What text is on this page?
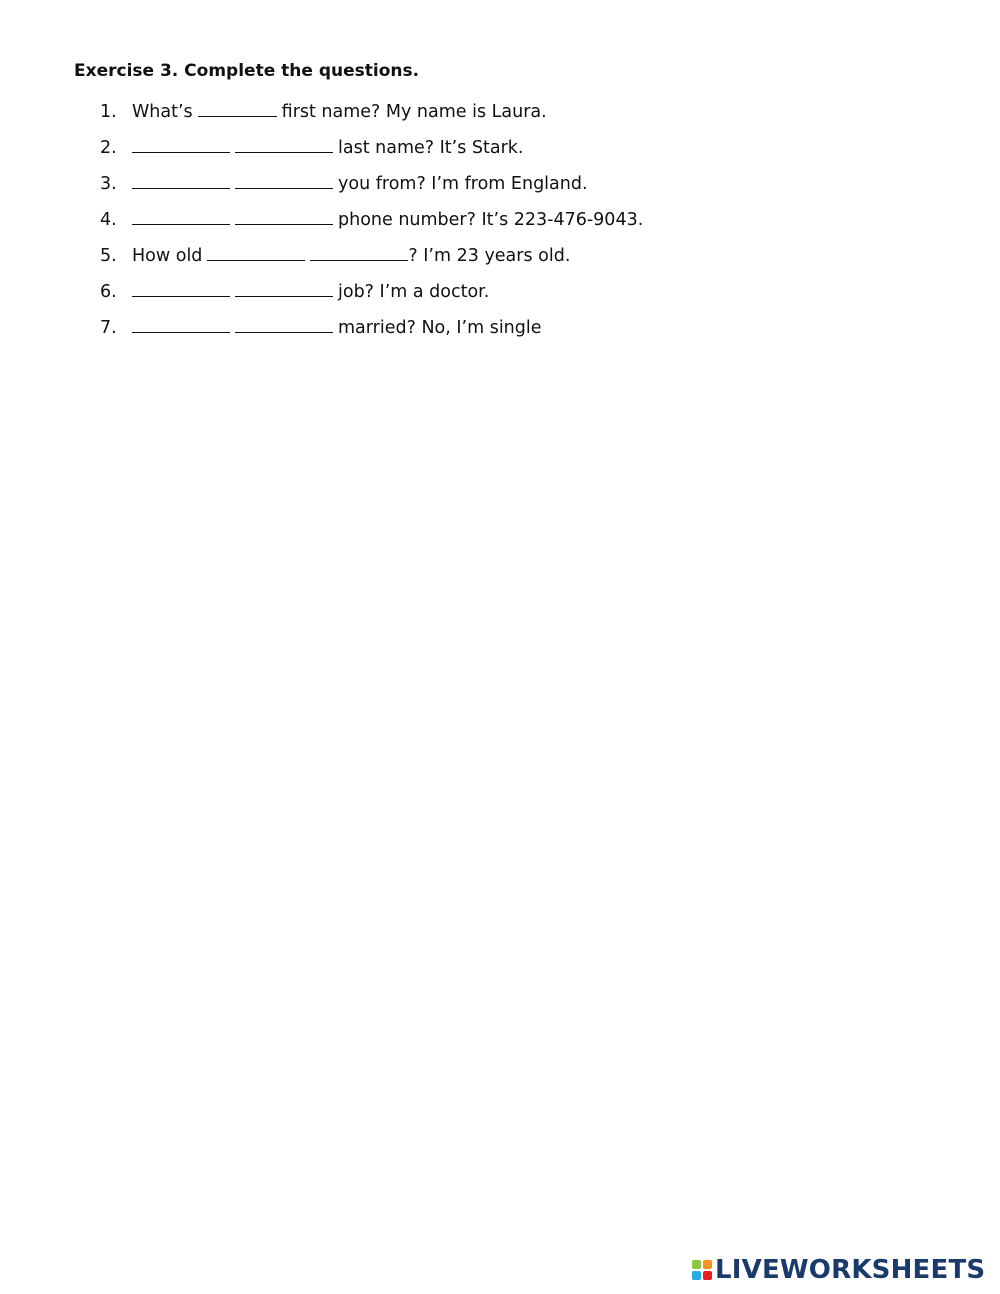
Exercise 3. Complete the questions.
1. What’s	first name? My name is Laura.
2.	last name? It’s Stark.
3.	you from? I’m from England.
4.	phone number? It’s 223-476-9043.
5. How old	? I’m 23 years old.
6.	job? I’m a doctor.
7.	married? No, I’m single
LIVEWORKSHEETS
